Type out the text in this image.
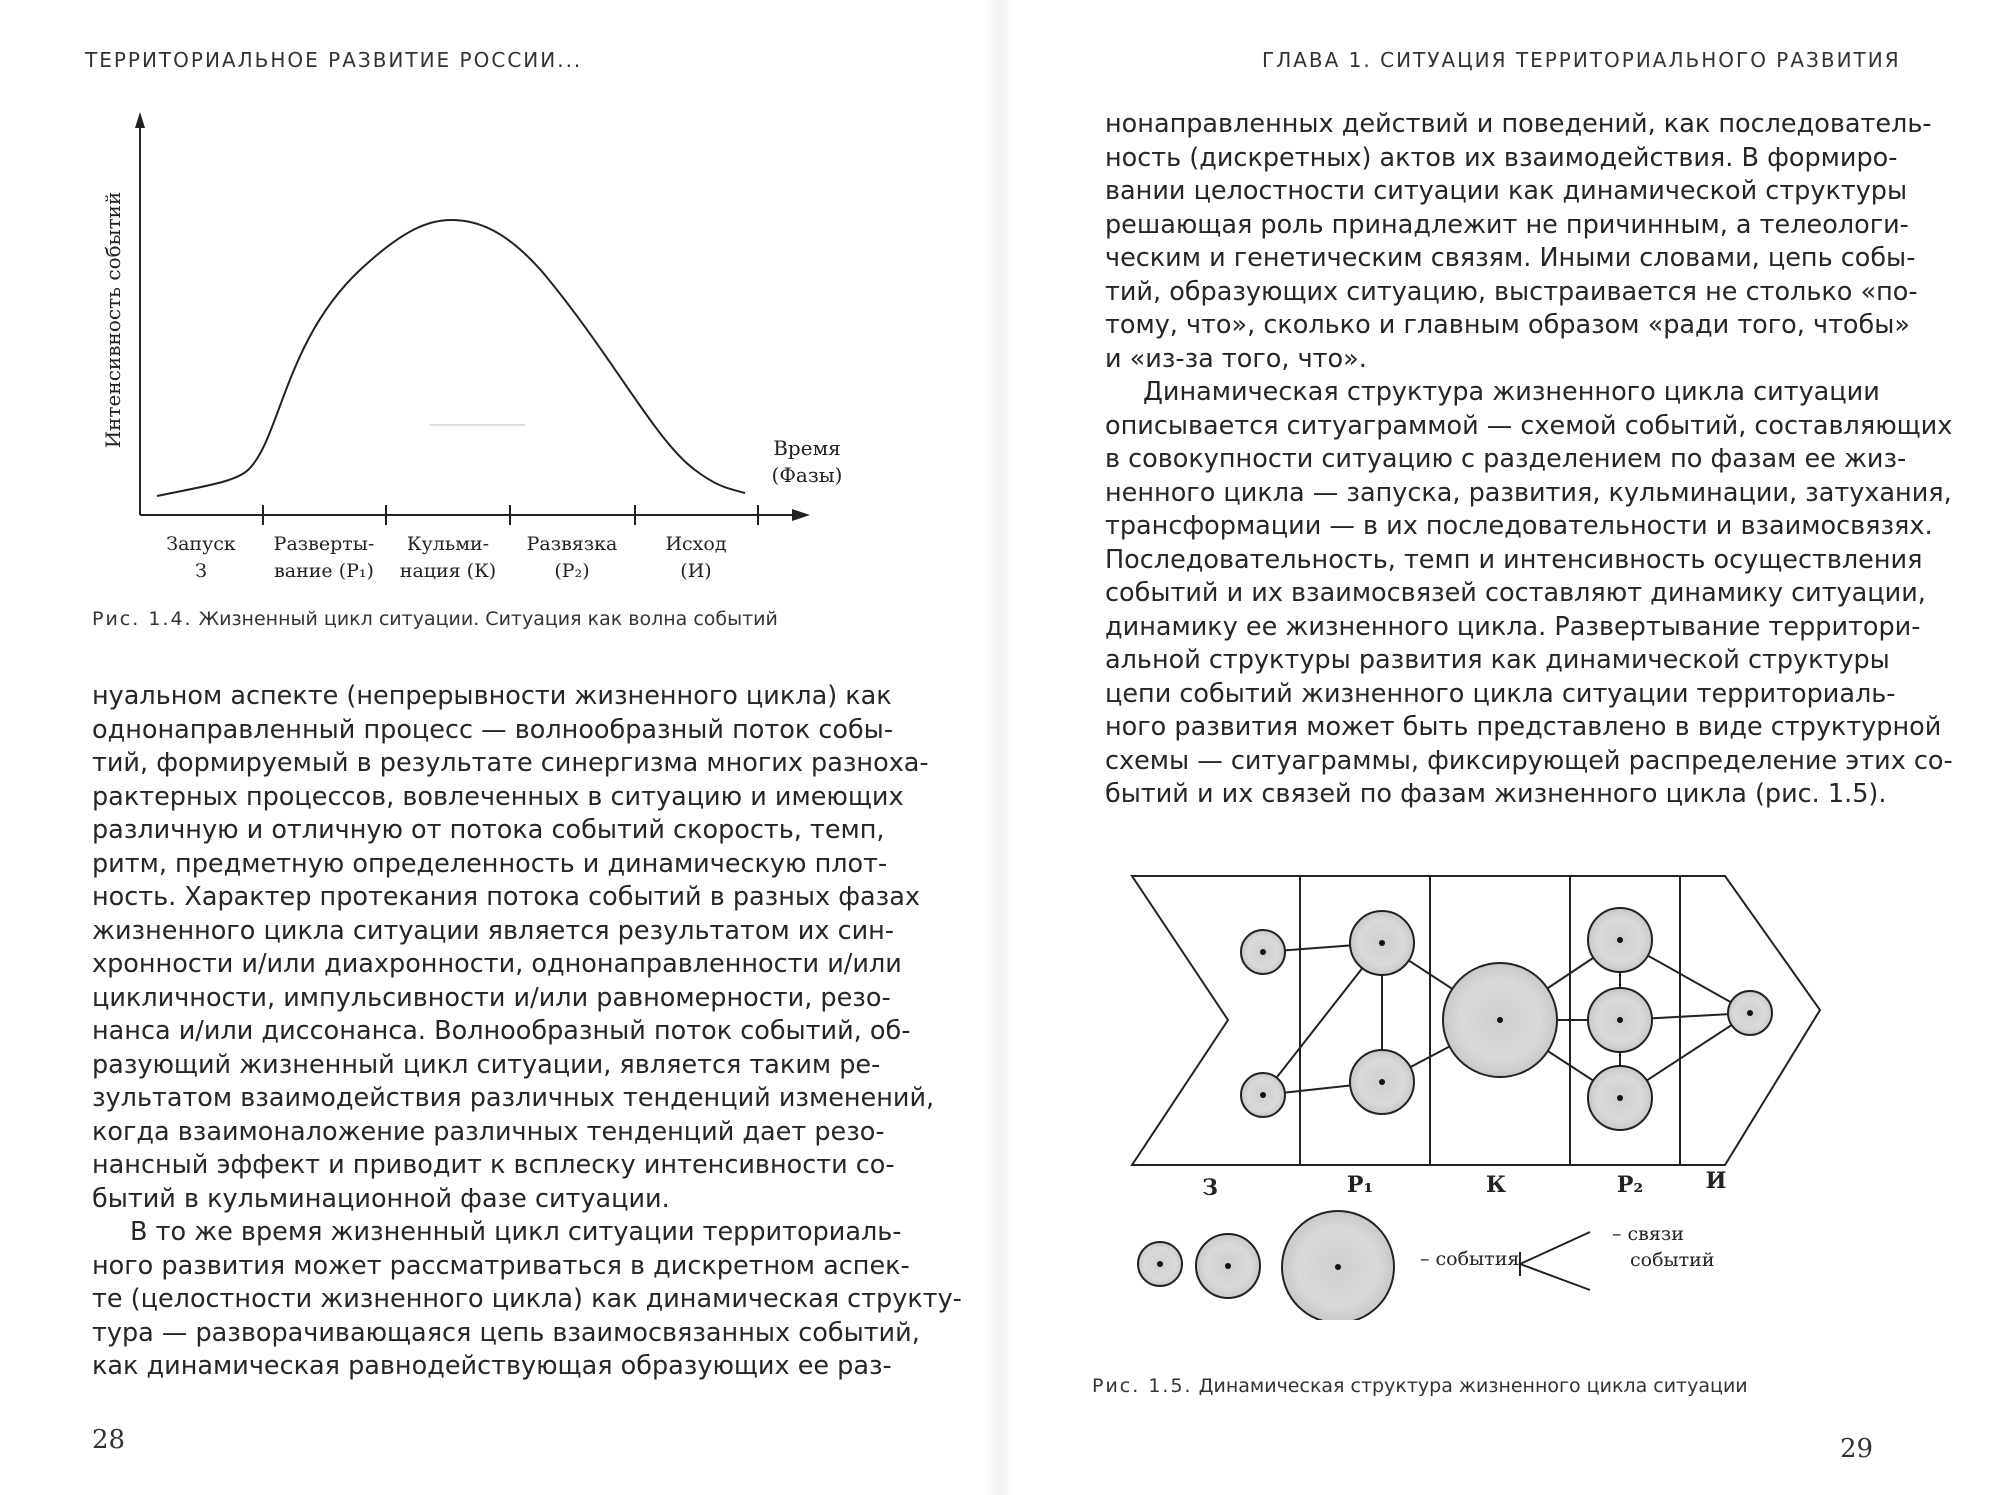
ТЕРРИТОРИАЛЬНОЕ РАЗВИТИЕ РОССИИ...
Интенсивность событий	Время
(Фазы)
Запуск
З
Разверты-
вание (P₁)
Кульми-
нация (К)
Развязка
(P₂)
Исход
(И)
Рис. 1.4. Жизненный цикл ситуации. Ситуация как волна событий

нуальном аспекте (непрерывности жизненного цикла) как
однонаправленный процесс — волнообразный поток собы-
тий, формируемый в результате синергизма многих разноха-
рактерных процессов, вовлеченных в ситуацию и имеющих
различную и отличную от потока событий скорость, темп,
ритм, предметную определенность и динамическую плот-
ность. Характер протекания потока событий в разных фазах
жизненного цикла ситуации является результатом их син-
хронности и/или диахронности, однонаправленности и/или
цикличности, импульсивности и/или равномерности, резо-
нанса и/или диссонанса. Волнообразный поток событий, об-
разующий жизненный цикл ситуации, является таким ре-
зультатом взаимодействия различных тенденций изменений,
когда взаимоналожение различных тенденций дает резо-
нансный эффект и приводит к всплеску интенсивности со-
бытий в кульминационной фазе ситуации.

В то же время жизненный цикл ситуации территориаль-
ного развития может рассматриваться в дискретном аспек-
те (целостности жизненного цикла) как динамическая структу-
тура — разворачивающаяся цепь взаимосвязанных событий,
как динамическая равнодействующая образующих ее раз-

28
ГЛАВА 1. СИТУАЦИЯ ТЕРРИТОРИАЛЬНОГО РАЗВИТИЯ

нонаправленных действий и поведений, как последователь-
ность (дискретных) актов их взаимодействия. В формиро-
вании целостности ситуации как динамической структуры
решающая роль принадлежит не причинным, а телеологи-
ческим и генетическим связям. Иными словами, цепь собы-
тий, образующих ситуацию, выстраивается не столько «по-
тому, что», сколько и главным образом «ради того, чтобы»
и «из-за того, что».

Динамическая структура жизненного цикла ситуации
описывается ситуаграммой — схемой событий, составляющих
в совокупности ситуацию с разделением по фазам ее жиз-
ненного цикла — запуска, развития, кульминации, затухания,
трансформации — в их последовательности и взаимосвязях.
Последовательность, темп и интенсивность осуществления
событий и их взаимосвязей составляют динамику ситуации,
динамику ее жизненного цикла. Развертывание территори-
альной структуры развития как динамической структуры
цепи событий жизненного цикла ситуации территориаль-
ного развития может быть представлено в виде структурной
схемы — ситуаграммы, фиксирующей распределение этих со-
бытий и их связей по фазам жизненного цикла (рис. 1.5).

З	P₁	К	P₂	И
– события
– связи
событий
Рис. 1.5. Динамическая структура жизненного цикла ситуации
29
